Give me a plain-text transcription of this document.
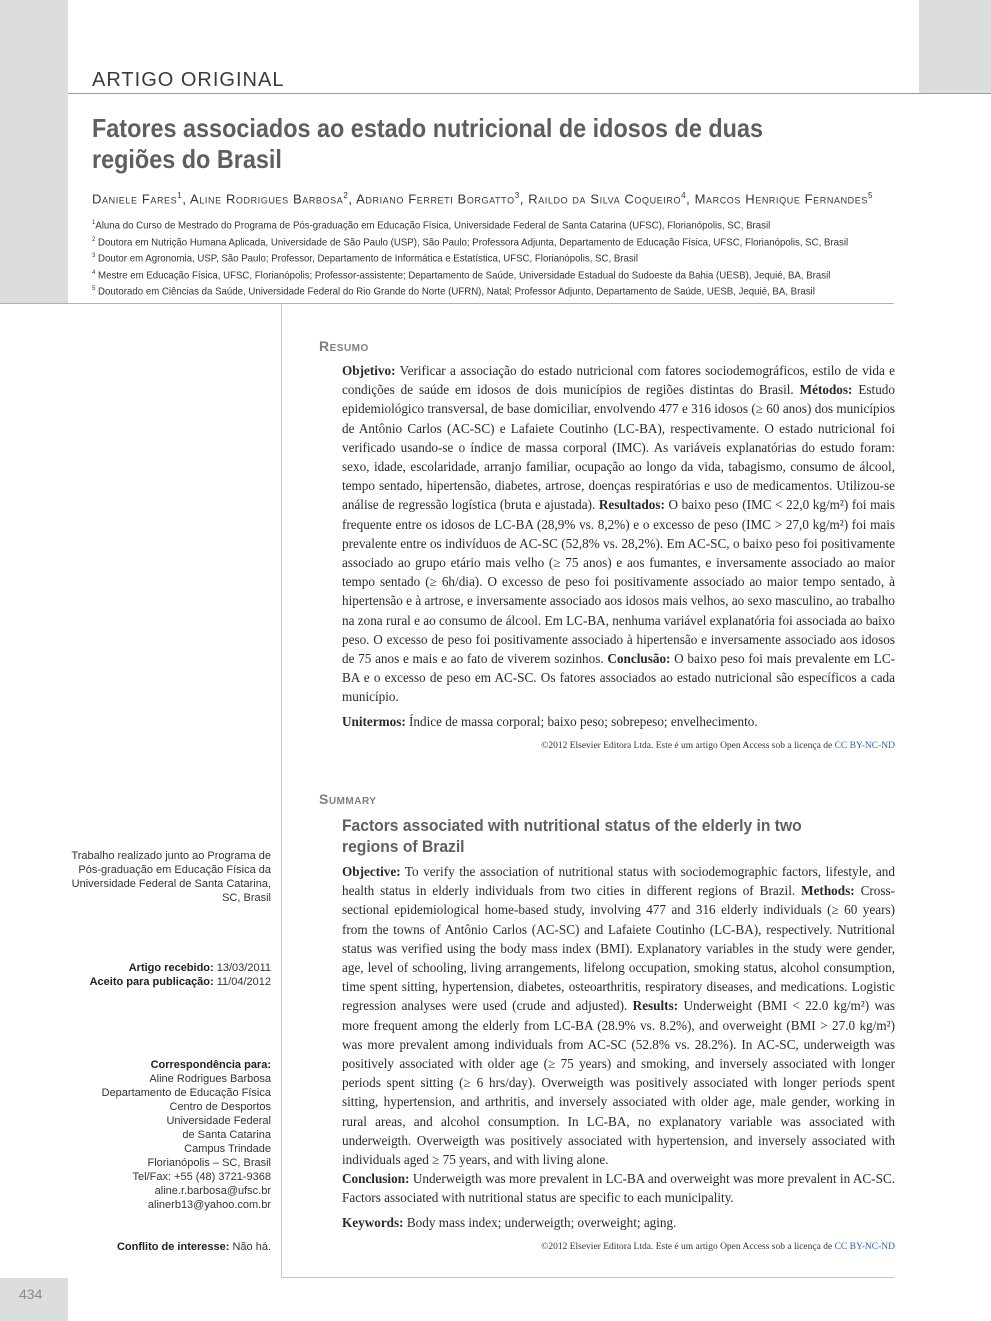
ARTIGO ORIGINAL
Fatores associados ao estado nutricional de idosos de duas regiões do Brasil
Daniele Fares$^1$, Aline Rodrigues Barbosa$^2$, Adriano Ferreti Borgatto$^3$, Raildo da Silva Coqueiro$^4$, Marcos Henrique Fernandes$^5$
$^1$Aluna do Curso de Mestrado do Programa de Pós-graduação em Educação Física, Universidade Federal de Santa Catarina (UFSC), Florianópolis, SC, Brasil
$^2$ Doutora em Nutrição Humana Aplicada, Universidade de São Paulo (USP), São Paulo; Professora Adjunta, Departamento de Educação Física, UFSC, Florianópolis, SC, Brasil
$^3$ Doutor em Agronomia, USP, São Paulo; Professor, Departamento de Informática e Estatística, UFSC, Florianópolis, SC, Brasil
$^4$ Mestre em Educação Física, UFSC, Florianópolis; Professor-assistente; Departamento de Saúde, Universidade Estadual do Sudoeste da Bahia (UESB), Jequié, BA, Brasil
$^5$ Doutorado em Ciências da Saúde, Universidade Federal do Rio Grande do Norte (UFRN), Natal; Professor Adjunto, Departamento de Saúde, UESB, Jequié, BA, Brasil
Trabalho realizado junto ao Programa de Pós-graduação em Educação Física da Universidade Federal de Santa Catarina, SC, Brasil
Artigo recebido: 13/03/2011
Aceito para publicação: 11/04/2012
Correspondência para:
Aline Rodrigues Barbosa
Departamento de Educação Física
Centro de Desportos
Universidade Federal
de Santa Catarina
Campus Trindade
Florianópolis – SC, Brasil
Tel/Fax: +55 (48) 3721-9368
aline.r.barbosa@ufsc.br
alinerb13@yahoo.com.br
Conflito de interesse: Não há.
Resumo

Objetivo: Verificar a associação do estado nutricional com fatores sociodemográficos, estilo de vida e condições de saúde em idosos de dois municípios de regiões distintas do Brasil. Métodos: Estudo epidemiológico transversal, de base domiciliar, envolvendo 477 e 316 idosos (≥ 60 anos) dos municípios de Antônio Carlos (AC-SC) e Lafaiete Coutinho (LC-BA), respectivamente. O estado nutricional foi verificado usando-se o índice de massa corporal (IMC). As variáveis explanatórias do estudo foram: sexo, idade, escolaridade, arranjo familiar, ocupação ao longo da vida, tabagismo, consumo de álcool, tempo sentado, hipertensão, diabetes, artrose, doenças respiratórias e uso de medicamentos. Utilizou-se análise de regressão logística (bruta e ajustada). Resultados: O baixo peso (IMC < 22,0 kg/m²) foi mais frequente entre os idosos de LC-BA (28,9% vs. 8,2%) e o excesso de peso (IMC > 27,0 kg/m²) foi mais prevalente entre os indivíduos de AC-SC (52,8% vs. 28,2%). Em AC-SC, o baixo peso foi positivamente associado ao grupo etário mais velho (≥ 75 anos) e aos fumantes, e inversamente associado ao maior tempo sentado (≥ 6h/dia). O excesso de peso foi positivamente associado ao maior tempo sentado, à hipertensão e à artrose, e inversamente associado aos idosos mais velhos, ao sexo masculino, ao trabalho na zona rural e ao consumo de álcool. Em LC-BA, nenhuma variável explanatória foi associada ao baixo peso. O excesso de peso foi positivamente associado à hipertensão e inversamente associado aos idosos de 75 anos e mais e ao fato de viverem sozinhos. Conclusão: O baixo peso foi mais prevalente em LC-BA e o excesso de peso em AC-SC. Os fatores associados ao estado nutricional são específicos a cada município.

Unitermos: Índice de massa corporal; baixo peso; sobrepeso; envelhecimento.

©2012 Elsevier Editora Ltda. Este é um artigo Open Access sob a licença de CC BY-NC-ND
Summary
Factors associated with nutritional status of the elderly in two regions of Brazil

Objective: To verify the association of nutritional status with sociodemographic factors, lifestyle, and health status in elderly individuals from two cities in different regions of Brazil. Methods: Cross-sectional epidemiological home-based study, involving 477 and 316 elderly individuals (≥ 60 years) from the towns of Antônio Carlos (AC-SC) and Lafaiete Coutinho (LC-BA), respectively. Nutritional status was verified using the body mass index (BMI). Explanatory variables in the study were gender, age, level of schooling, living arrangements, lifelong occupation, smoking status, alcohol consumption, time spent sitting, hypertension, diabetes, osteoarthritis, respiratory diseases, and medications. Logistic regression analyses were used (crude and adjusted). Results: Underweight (BMI < 22.0 kg/m²) was more frequent among the elderly from LC-BA (28.9% vs. 8.2%), and overweight (BMI > 27.0 kg/m²) was more prevalent among individuals from AC-SC (52.8% vs. 28.2%). In AC-SC, underweigth was positively associated with older age (≥ 75 years) and smoking, and inversely associated with longer periods spent sitting (≥ 6 hrs/day). Overweigth was positively associated with longer periods spent sitting, hypertension, and arthritis, and inversely associated with older age, male gender, working in rural areas, and alcohol consumption. In LC-BA, no explanatory variable was associated with underweigth. Overweigth was positively associated with hypertension, and inversely associated with individuals aged ≥ 75 years, and with living alone.

Conclusion: Underweigth was more prevalent in LC-BA and overweight was more prevalent in AC-SC. Factors associated with nutritional status are specific to each municipality.

Keywords: Body mass index; underweigth; overweight; aging.

©2012 Elsevier Editora Ltda. Este é um artigo Open Access sob a licença de CC BY-NC-ND
434
